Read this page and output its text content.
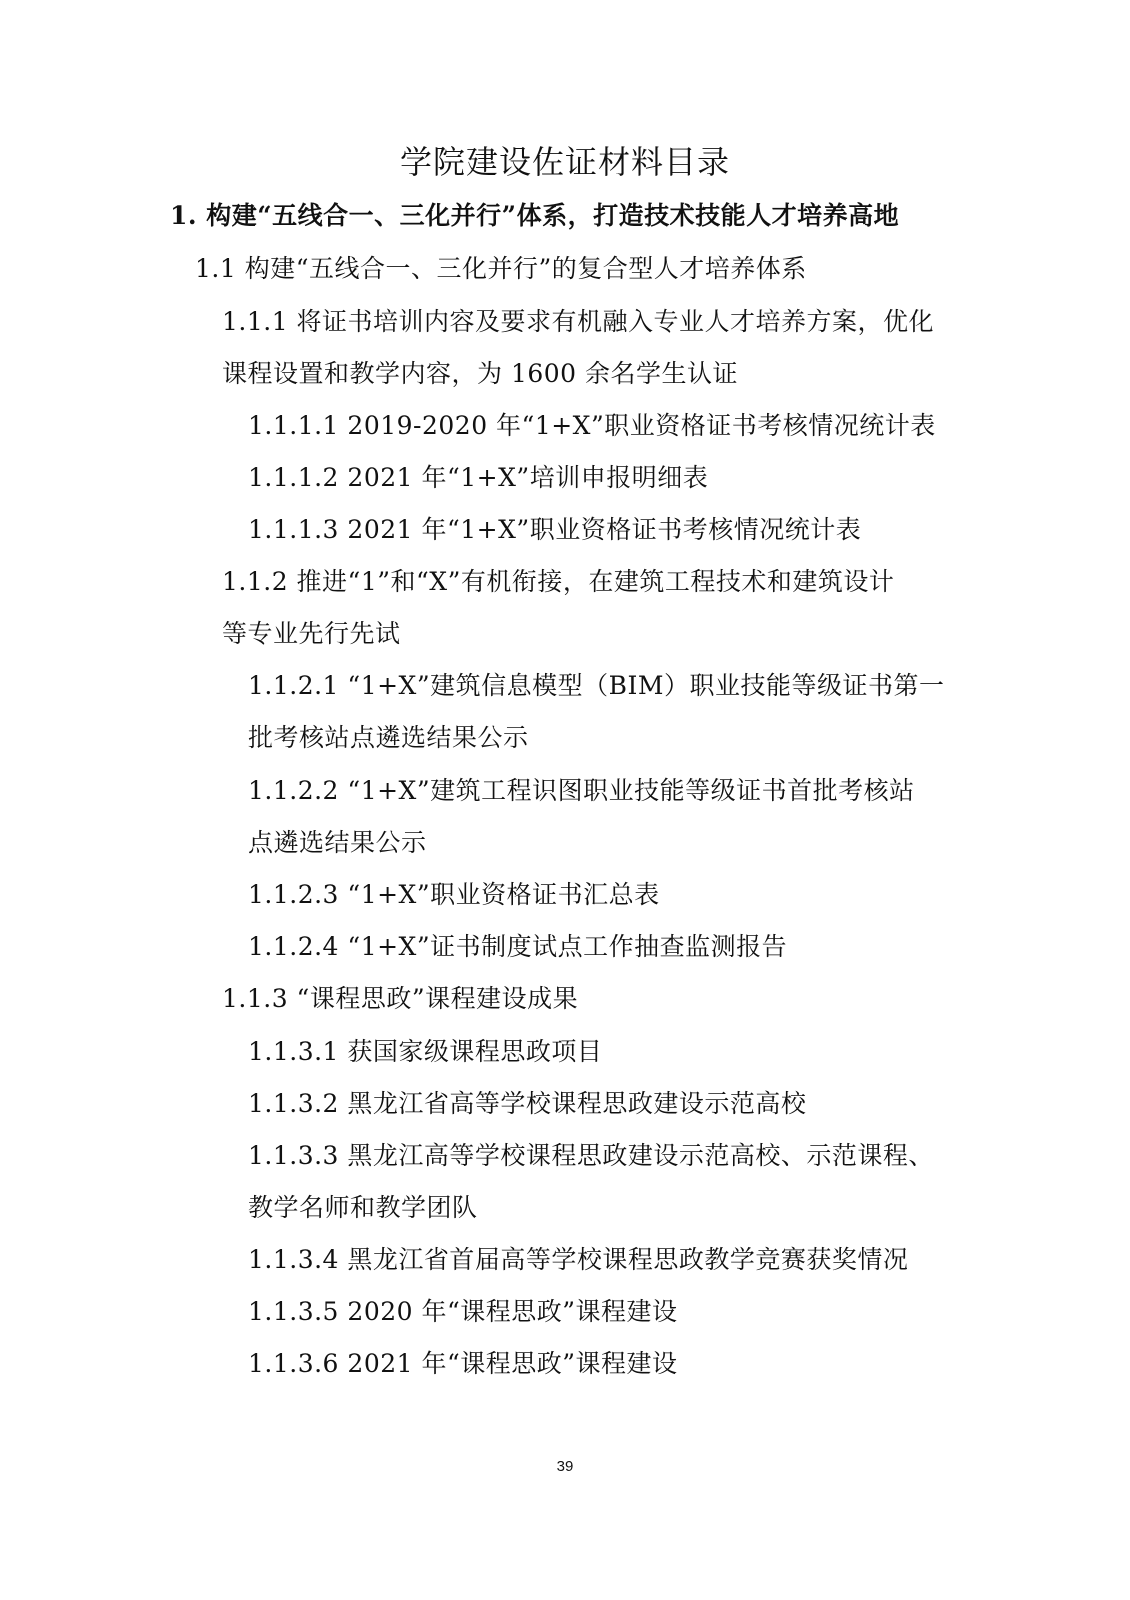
学院建设佐证材料目录
1. 构建“五线合一、三化并行”体系，打造技术技能人才培养高地
1.1 构建“五线合一、三化并行”的复合型人才培养体系
1.1.1 将证书培训内容及要求有机融入专业人才培养方案，优化
课程设置和教学内容，为 1600 余名学生认证
1.1.1.1 2019-2020 年“1+X”职业资格证书考核情况统计表
1.1.1.2 2021 年“1+X”培训申报明细表
1.1.1.3 2021 年“1+X”职业资格证书考核情况统计表
1.1.2 推进“1”和“X”有机衔接，在建筑工程技术和建筑设计
等专业先行先试
1.1.2.1 “1+X”建筑信息模型（BIM）职业技能等级证书第一
批考核站点遴选结果公示
1.1.2.2 “1+X”建筑工程识图职业技能等级证书首批考核站
点遴选结果公示
1.1.2.3 “1+X”职业资格证书汇总表
1.1.2.4 “1+X”证书制度试点工作抽查监测报告
1.1.3 “课程思政”课程建设成果
1.1.3.1 获国家级课程思政项目
1.1.3.2 黑龙江省高等学校课程思政建设示范高校
1.1.3.3 黑龙江高等学校课程思政建设示范高校、示范课程、
教学名师和教学团队
1.1.3.4 黑龙江省首届高等学校课程思政教学竞赛获奖情况
1.1.3.5 2020 年“课程思政”课程建设
1.1.3.6 2021 年“课程思政”课程建设
39
